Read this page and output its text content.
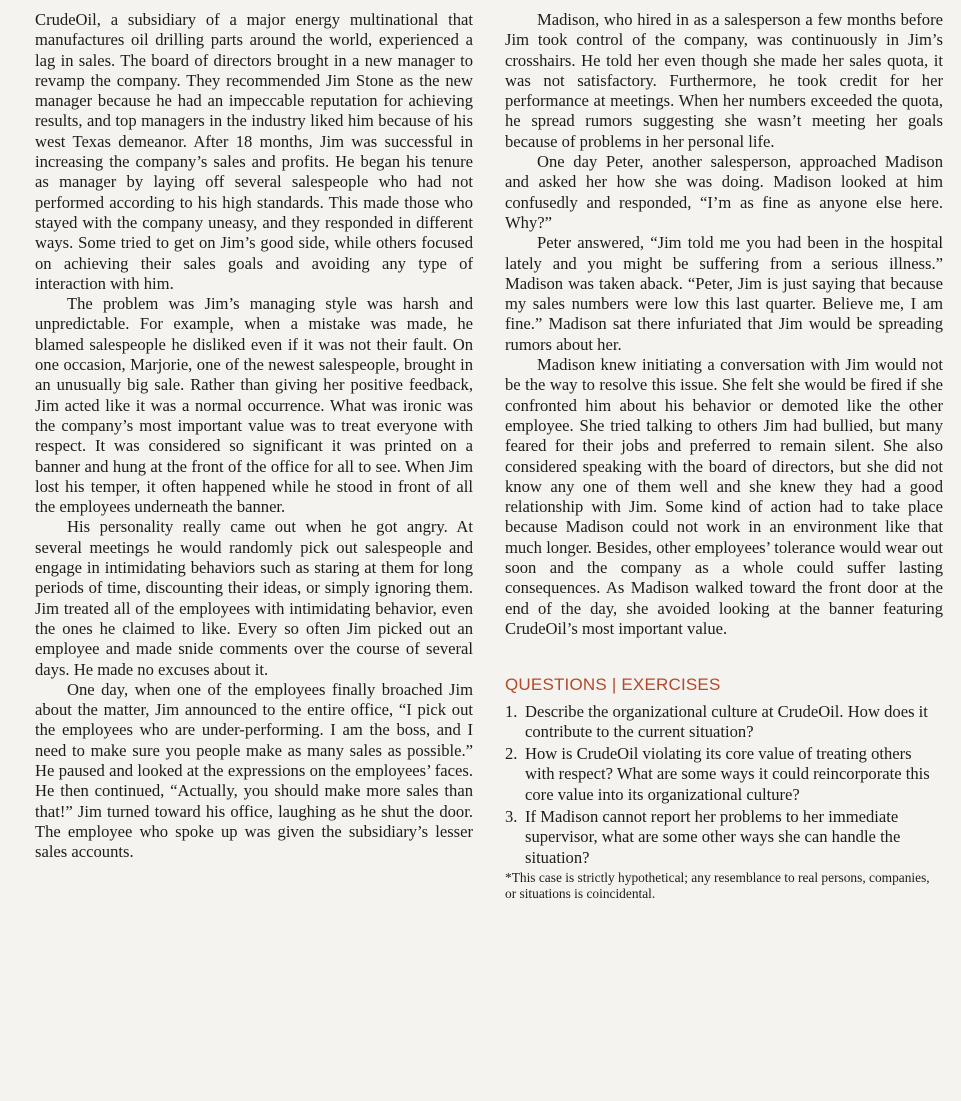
CrudeOil, a subsidiary of a major energy multinational that manufactures oil drilling parts around the world, experienced a lag in sales. The board of directors brought in a new manager to revamp the company. They recommended Jim Stone as the new manager because he had an impeccable reputation for achieving results, and top managers in the industry liked him because of his west Texas demeanor. After 18 months, Jim was successful in increasing the company’s sales and profits. He began his tenure as manager by laying off several salespeople who had not performed according to his high standards. This made those who stayed with the company uneasy, and they responded in different ways. Some tried to get on Jim’s good side, while others focused on achieving their sales goals and avoiding any type of interaction with him.

The problem was Jim’s managing style was harsh and unpredictable. For example, when a mistake was made, he blamed salespeople he disliked even if it was not their fault. On one occasion, Marjorie, one of the newest salespeople, brought in an unusually big sale. Rather than giving her positive feedback, Jim acted like it was a normal occurrence. What was ironic was the company’s most important value was to treat everyone with respect. It was considered so significant it was printed on a banner and hung at the front of the office for all to see. When Jim lost his temper, it often happened while he stood in front of all the employees underneath the banner.

His personality really came out when he got angry. At several meetings he would randomly pick out salespeople and engage in intimidating behaviors such as staring at them for long periods of time, discounting their ideas, or simply ignoring them. Jim treated all of the employees with intimidating behavior, even the ones he claimed to like. Every so often Jim picked out an employee and made snide comments over the course of several days. He made no excuses about it.

One day, when one of the employees finally broached Jim about the matter, Jim announced to the entire office, “I pick out the employees who are under-performing. I am the boss, and I need to make sure you people make as many sales as possible.” He paused and looked at the expressions on the employees’ faces. He then continued, “Actually, you should make more sales than that!” Jim turned toward his office, laughing as he shut the door. The employee who spoke up was given the subsidiary’s lesser sales accounts.

Madison, who hired in as a salesperson a few months before Jim took control of the company, was continuously in Jim’s crosshairs. He told her even though she made her sales quota, it was not satisfactory. Furthermore, he took credit for her performance at meetings. When her numbers exceeded the quota, he spread rumors suggesting she wasn’t meeting her goals because of problems in her personal life.

One day Peter, another salesperson, approached Madison and asked her how she was doing. Madison looked at him confusedly and responded, “I’m as fine as anyone else here. Why?”

Peter answered, “Jim told me you had been in the hospital lately and you might be suffering from a serious illness.” Madison was taken aback. “Peter, Jim is just saying that because my sales numbers were low this last quarter. Believe me, I am fine.” Madison sat there infuriated that Jim would be spreading rumors about her.

Madison knew initiating a conversation with Jim would not be the way to resolve this issue. She felt she would be fired if she confronted him about his behavior or demoted like the other employee. She tried talking to others Jim had bullied, but many feared for their jobs and preferred to remain silent. She also considered speaking with the board of directors, but she did not know any one of them well and she knew they had a good relationship with Jim. Some kind of action had to take place because Madison could not work in an environment like that much longer. Besides, other employees’ tolerance would wear out soon and the company as a whole could suffer lasting consequences. As Madison walked toward the front door at the end of the day, she avoided looking at the banner featuring CrudeOil’s most important value.

QUESTIONS | EXERCISES
1. Describe the organizational culture at CrudeOil. How does it contribute to the current situation?
2. How is CrudeOil violating its core value of treating others with respect? What are some ways it could reincorporate this core value into its organizational culture?
3. If Madison cannot report her problems to her immediate supervisor, what are some other ways she can handle the situation?

*This case is strictly hypothetical; any resemblance to real persons, companies, or situations is coincidental.
